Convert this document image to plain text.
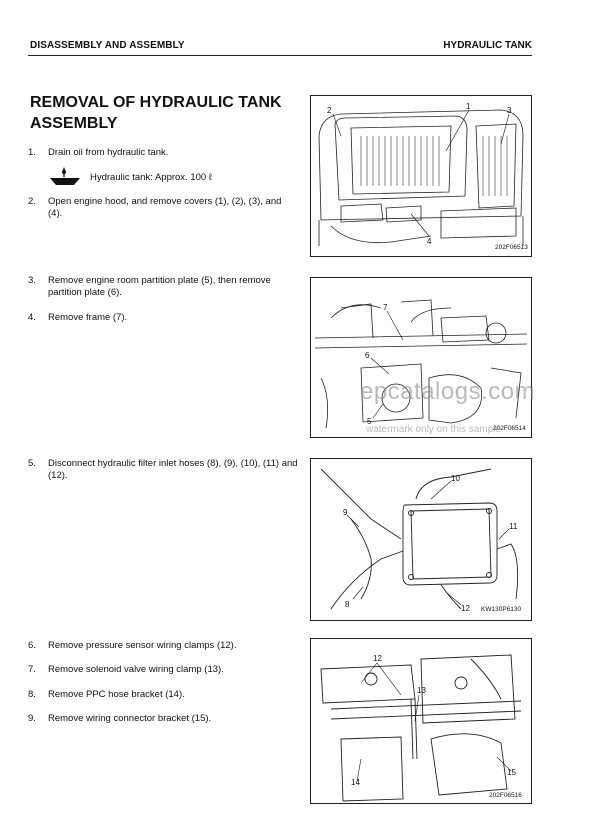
DISASSEMBLY AND ASSEMBLY	HYDRAULIC TANK
REMOVAL OF HYDRAULIC TANK ASSEMBLY
1.	Drain oil from hydraulic tank.
Hydraulic tank: Approx. 100 ℓ
2.	Open engine hood, and remove covers (1), (2), (3), and (4).
3.	Remove engine room partition plate (5), then remove partition plate (6).
4.	Remove frame (7).
5.	Disconnect hydraulic filter inlet hoses (8), (9), (10), (11) and (12).
6.	Remove pressure sensor wiring clamps (12).
7.	Remove solenoid valve wiring clamp (13).
8.	Remove PPC hose bracket (14).
9.	Remove wiring connector bracket (15).
1
2	3
4
202F06513
7
6
5
202F06514
10
9
11
8	12 KW130P6130
12
13
14
15
202F06516
epcatalogs.com
watermark only on this sample
